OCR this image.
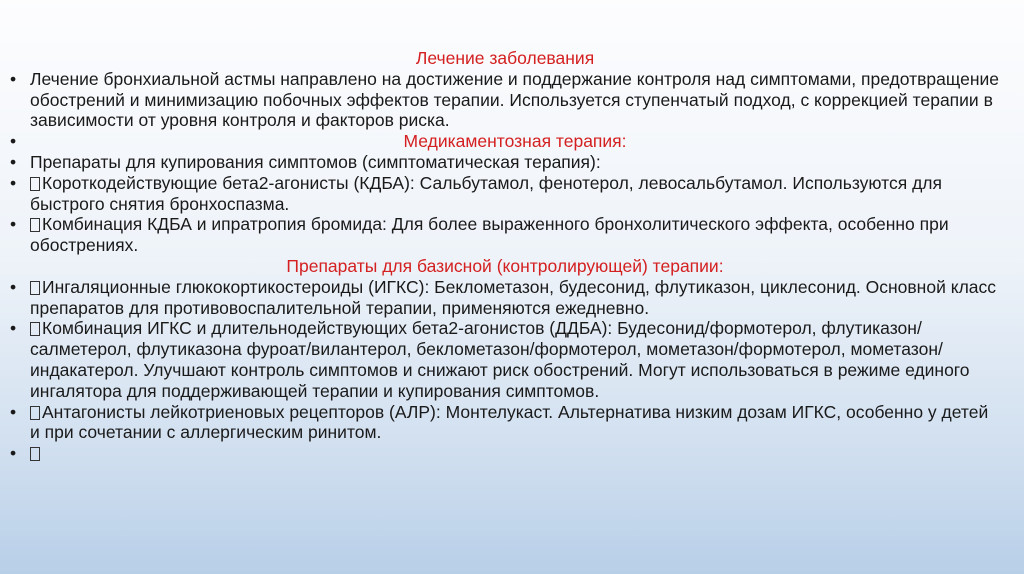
Лечение заболевания
• Лечение бронхиальной астмы направлено на достижение и поддержание контроля над симптомами, предотвращение обострений и минимизацию побочных эффектов терапии. Используется ступенчатый подход, с коррекцией терапии в зависимости от уровня контроля и факторов риска.
•	Медикаментозная терапия:
• Препараты для купирования симптомов (симптоматическая терапия):
•	Короткодействующие бета2-агонисты (КДБА): Сальбутамол, фенотерол, левосальбутамол. Используются для быстрого снятия бронхоспазма.
•	Комбинация КДБА и ипратропия бромида: Для более выраженного бронхолитического эффекта, особенно при обострениях.
Препараты для базисной (контролирующей) терапии:
•	Ингаляционные глюкокортикостероиды (ИГКС): Беклометазон, будесонид, флутиказон, циклесонид. Основной класс препаратов для противовоспалительной терапии, применяются ежедневно.
•	Комбинация ИГКС и длительнодействующих бета2-агонистов (ДДБА): Будесонид/формотерол, флутиказон/салметерол, флутиказона фуроат/вилантерол, беклометазон/формотерол, мометазон/формотерол, мометазон/индакатерол. Улучшают контроль симптомов и снижают риск обострений. Могут использоваться в режиме единого ингалятора для поддерживающей терапии и купирования симптомов.
•	Антагонисты лейкотриеновых рецепторов (АЛР): Монтелукаст. Альтернатива низким дозам ИГКС, особенно у детей и при сочетании с аллергическим ринитом.
•
